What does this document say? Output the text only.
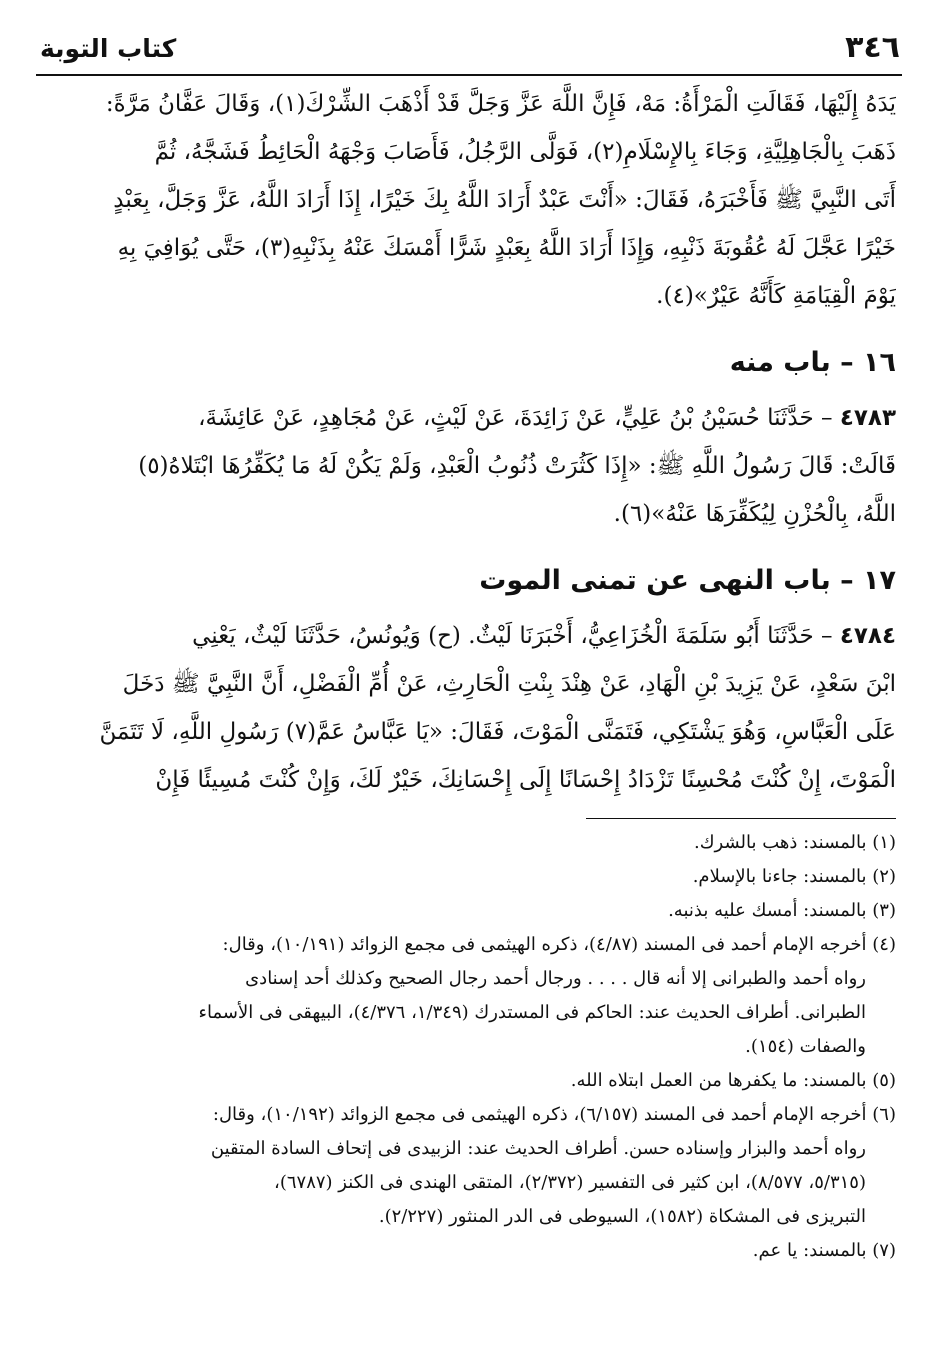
٣٤٦
كتاب التوبة
يَدَهُ إِلَيْهَا، فَقَالَتِ الْمَرْأَةُ: مَهْ، فَإِنَّ اللَّهَ عَزَّ وَجَلَّ قَدْ أَذْهَبَ الشِّرْكَ(١)، وَقَالَ عَفَّانُ مَرَّةً:
ذَهَبَ بِالْجَاهِلِيَّةِ، وَجَاءَ بِالإِسْلَامِ(٢)، فَوَلَّى الرَّجُلُ، فَأَصَابَ وَجْهَهُ الْحَائِطُ فَشَجَّهُ، ثُمَّ
أَتَى النَّبِيَّ ﷺ فَأَخْبَرَهُ، فَقَالَ: «أَنْتَ عَبْدٌ أَرَادَ اللَّهُ بِكَ خَيْرًا، إِذَا أَرَادَ اللَّهُ، عَزَّ وَجَلَّ، بِعَبْدٍ
خَيْرًا عَجَّلَ لَهُ عُقُوبَةَ ذَنْبِهِ، وَإِذَا أَرَادَ اللَّهُ بِعَبْدٍ شَرًّا أَمْسَكَ عَنْهُ بِذَنْبِهِ(٣)، حَتَّى يُوَافِيَ بِهِ
يَوْمَ الْقِيَامَةِ كَأَنَّهُ عَيْرٌ»(٤).
١٦ – باب منه
٤٧٨٣ – حَدَّثَنَا حُسَيْنُ بْنُ عَلِيٍّ، عَنْ زَائِدَةَ، عَنْ لَيْثٍ، عَنْ مُجَاهِدٍ، عَنْ عَائِشَةَ،
قَالَتْ: قَالَ رَسُولُ اللَّهِ ﷺ: «إِذَا كَثُرَتْ ذُنُوبُ الْعَبْدِ، وَلَمْ يَكُنْ لَهُ مَا يُكَفِّرُهَا ابْتَلاهُ(٥)
اللَّهُ، بِالْحُزْنِ لِيُكَفِّرَهَا عَنْهُ»(٦).
١٧ – باب النهى عن تمنى الموت
٤٧٨٤ – حَدَّثَنَا أَبُو سَلَمَةَ الْخُزَاعِيُّ، أَخْبَرَنَا لَيْثٌ. (ح) وَيُونُسُ، حَدَّثَنَا لَيْثٌ، يَعْنِي
ابْنَ سَعْدٍ، عَنْ يَزِيدَ بْنِ الْهَادِ، عَنْ هِنْدَ بِنْتِ الْحَارِثِ، عَنْ أُمِّ الْفَضْلِ، أَنَّ النَّبِيَّ ﷺ دَخَلَ
عَلَى الْعَبَّاسِ، وَهُوَ يَشْتَكِي، فَتَمَنَّى الْمَوْتَ، فَقَالَ: «يَا عَبَّاسُ عَمَّ(٧) رَسُولِ اللَّهِ، لَا تَتَمَنَّ
الْمَوْتَ، إِنْ كُنْتَ مُحْسِنًا تَزْدَادُ إِحْسَانًا إِلَى إِحْسَانِكَ، خَيْرٌ لَكَ، وَإِنْ كُنْتَ مُسِيئًا فَإِنْ
(١) بالمسند: ذهب بالشرك.
(٢) بالمسند: جاءنا بالإسلام.
(٣) بالمسند: أمسك عليه بذنبه.
(٤) أخرجه الإمام أحمد فى المسند (٤/٨٧)، ذكره الهيثمى فى مجمع الزوائد (١٠/١٩١)، وقال:
رواه أحمد والطبرانى إلا أنه قال . . . . ورجال أحمد رجال الصحيح وكذلك أحد إسنادى
الطبرانى. أطراف الحديث عند: الحاكم فى المستدرك (١/٣٤٩، ٤/٣٧٦)، البيهقى فى الأسماء
والصفات (١٥٤).
(٥) بالمسند: ما يكفرها من العمل ابتلاه الله.
(٦) أخرجه الإمام أحمد فى المسند (٦/١٥٧)، ذكره الهيثمى فى مجمع الزوائد (١٠/١٩٢)، وقال:
رواه أحمد والبزار وإسناده حسن. أطراف الحديث عند: الزبيدى فى إتحاف السادة المتقين
(٥/٣١٥، ٨/٥٧٧)، ابن كثير فى التفسير (٢/٣٧٢)، المتقى الهندى فى الكنز (٦٧٨٧)،
التبريزى فى المشكاة (١٥٨٢)، السيوطى فى الدر المنثور (٢/٢٢٧).
(٧) بالمسند: يا عم.
